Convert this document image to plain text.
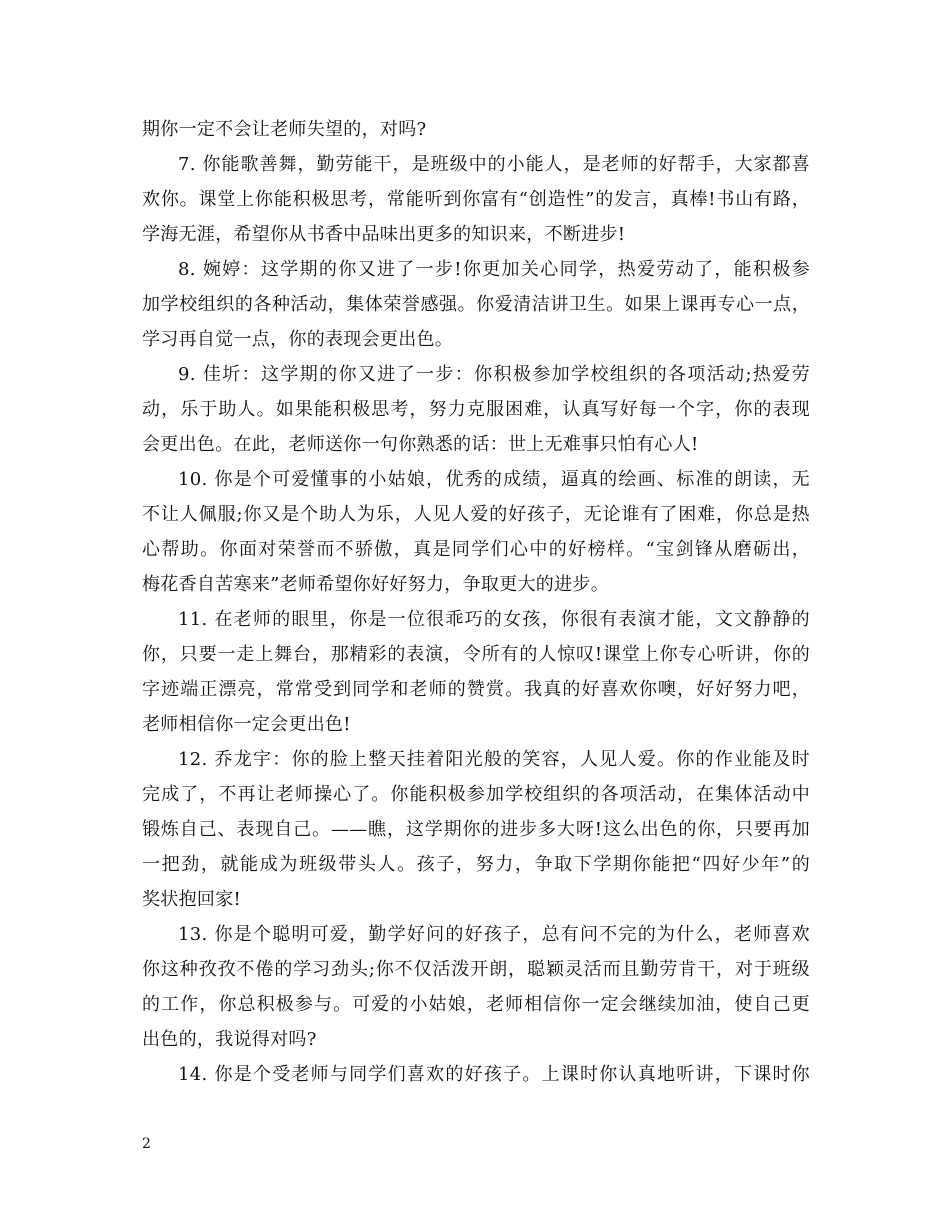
期你一定不会让老师失望的，对吗?
7. 你能歌善舞，勤劳能干，是班级中的小能人，是老师的好帮手，大家都喜
欢你。课堂上你能积极思考，常能听到你富有“创造性”的发言，真棒!书山有路，
学海无涯，希望你从书香中品味出更多的知识来，不断进步!
8. 婉婷：这学期的你又进了一步!你更加关心同学，热爱劳动了，能积极参
加学校组织的各种活动，集体荣誉感强。你爱清洁讲卫生。如果上课再专心一点，
学习再自觉一点，你的表现会更出色。
9. 佳圻：这学期的你又进了一步：你积极参加学校组织的各项活动;热爱劳
动，乐于助人。如果能积极思考，努力克服困难，认真写好每一个字，你的表现
会更出色。在此，老师送你一句你熟悉的话：世上无难事只怕有心人!
10. 你是个可爱懂事的小姑娘，优秀的成绩，逼真的绘画、标准的朗读，无
不让人佩服;你又是个助人为乐，人见人爱的好孩子，无论谁有了困难，你总是热
心帮助。你面对荣誉而不骄傲，真是同学们心中的好榜样。“宝剑锋从磨砺出，
梅花香自苦寒来”老师希望你好好努力，争取更大的进步。
11. 在老师的眼里，你是一位很乖巧的女孩，你很有表演才能，文文静静的
你，只要一走上舞台，那精彩的表演，令所有的人惊叹!课堂上你专心听讲，你的
字迹端正漂亮，常常受到同学和老师的赞赏。我真的好喜欢你噢，好好努力吧，
老师相信你一定会更出色!
12. 乔龙宇：你的脸上整天挂着阳光般的笑容，人见人爱。你的作业能及时
完成了，不再让老师操心了。你能积极参加学校组织的各项活动，在集体活动中
锻炼自己、表现自己。——瞧，这学期你的进步多大呀!这么出色的你，只要再加
一把劲，就能成为班级带头人。孩子，努力，争取下学期你能把“四好少年”的
奖状抱回家!
13. 你是个聪明可爱，勤学好问的好孩子，总有问不完的为什么，老师喜欢
你这种孜孜不倦的学习劲头;你不仅活泼开朗，聪颖灵活而且勤劳肯干，对于班级
的工作，你总积极参与。可爱的小姑娘，老师相信你一定会继续加油，使自己更
出色的，我说得对吗?
14. 你是个受老师与同学们喜欢的好孩子。上课时你认真地听讲，下课时你
2
